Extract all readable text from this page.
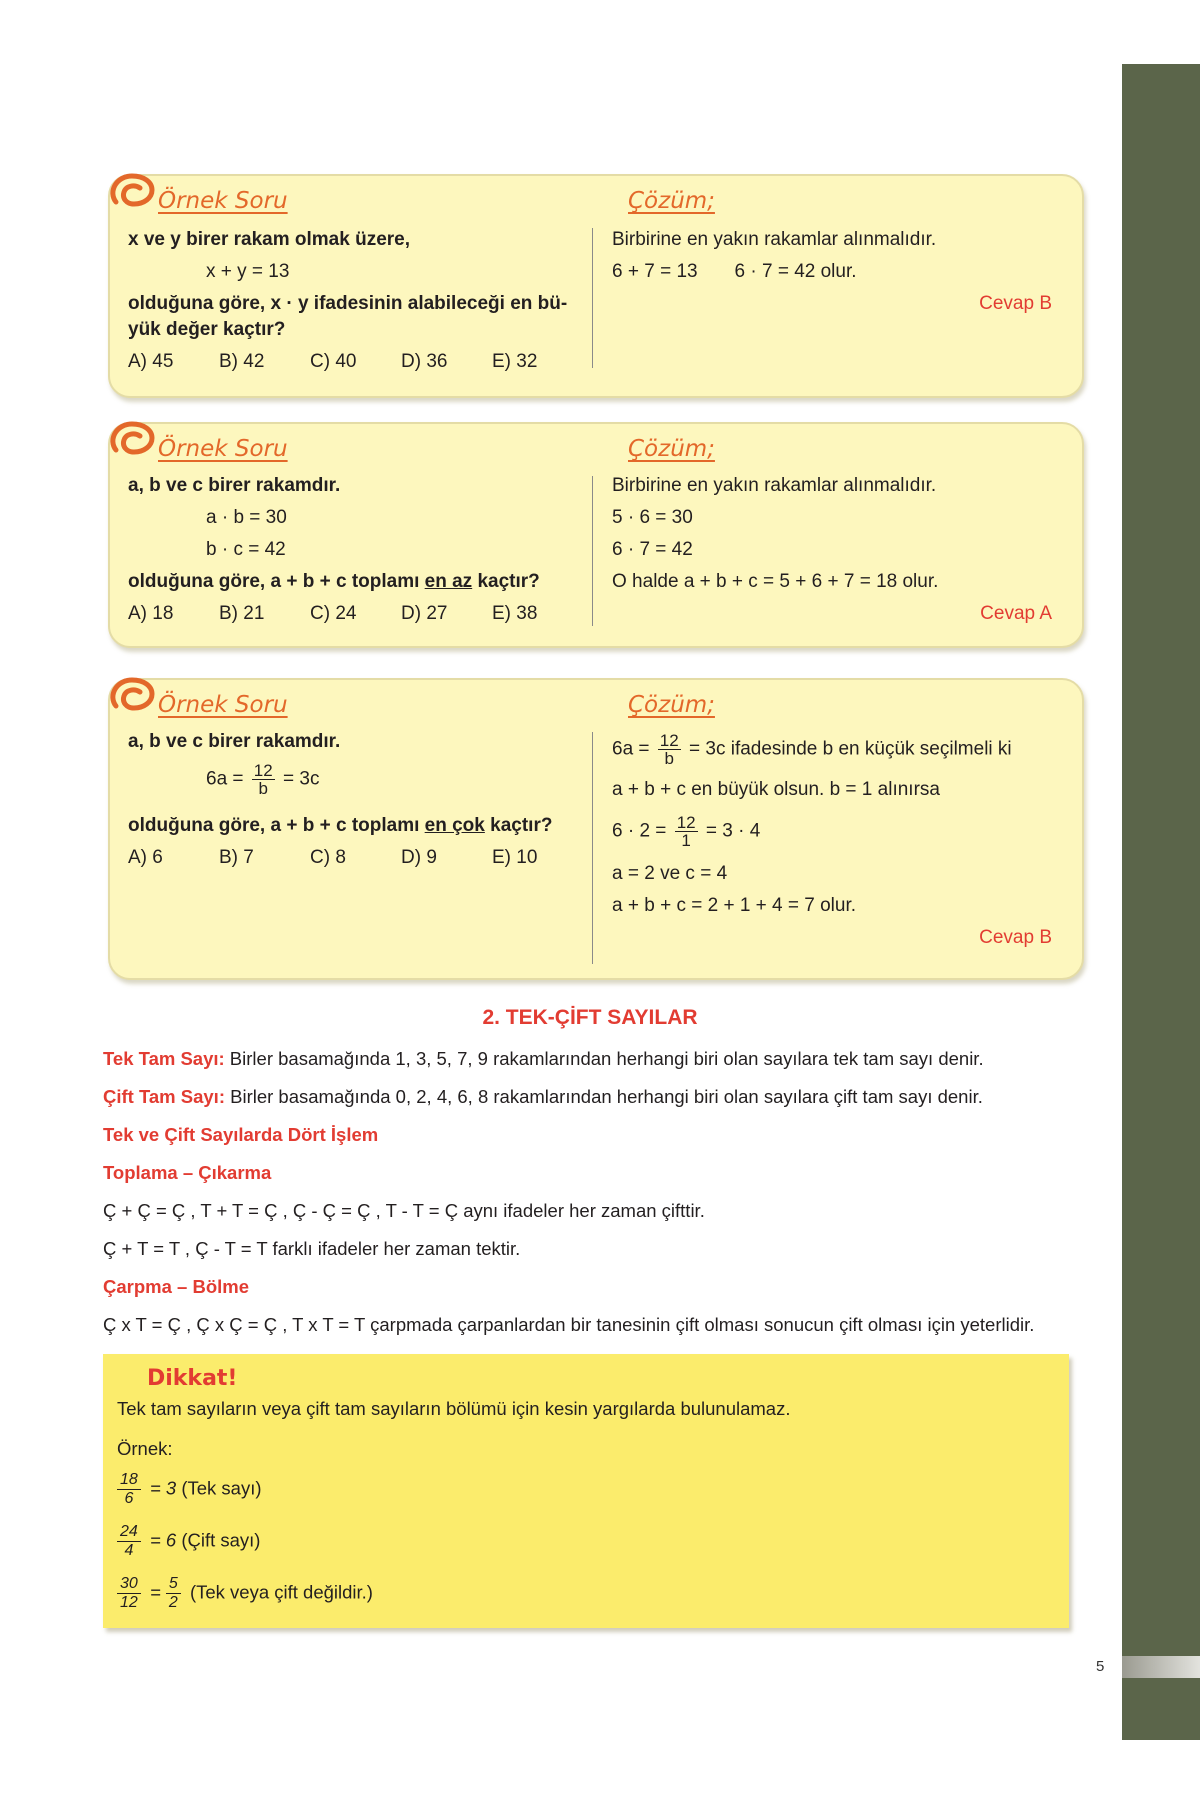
5
Örnek Soru	Çözüm;
x ve y birer rakam olmak üzere,
x + y = 13
olduğuna göre, x · y ifadesinin alabileceği en bü-
yük değer kaçtır?
A) 45 B) 42 C) 40 D) 36 E) 32
Birbirine en yakın rakamlar alınmalıdır.
6 + 7 = 13 6 · 7 = 42 olur.
Cevap B
Örnek Soru	Çözüm;
a, b ve c birer rakamdır.
a · b = 30
b · c = 42
olduğuna göre, a + b + c toplamı en az kaçtır?
A) 18 B) 21 C) 24 D) 27 E) 38
Birbirine en yakın rakamlar alınmalıdır.
5 · 6 = 30
6 · 7 = 42
O halde a + b + c = 5 + 6 + 7 = 18 olur.
Cevap A
Örnek Soru	Çözüm;
a, b ve c birer rakamdır.
$6a = \frac{12}{b} = 3c$
olduğuna göre, a + b + c toplamı en çok kaçtır?
A) 6	B) 7	C) 8	D) 9	E) 10
$6a = \frac{12}{b} = 3c$ ifadesinde b en küçük seçilmeli ki
a + b + c en büyük olsun. b = 1 alınırsa
$6 \cdot 2 = \frac{12}{1} = 3 \cdot 4$
a = 2 ve c = 4
a + b + c = 2 + 1 + 4 = 7 olur.
Cevap B
2. TEK-ÇİFT SAYILAR
Tek Tam Sayı: Birler basamağında 1, 3, 5, 7, 9 rakamlarından herhangi biri olan sayılara tek tam sayı denir.
Çift Tam Sayı: Birler basamağında 0, 2, 4, 6, 8 rakamlarından herhangi biri olan sayılara çift tam sayı denir.
Tek ve Çift Sayılarda Dört İşlem
Toplama – Çıkarma
Ç + Ç = Ç , T + T = Ç , Ç - Ç = Ç , T - T = Ç aynı ifadeler her zaman çifttir.
Ç + T = T , Ç - T = T farklı ifadeler her zaman tektir.
Çarpma – Bölme
Ç x T = Ç , Ç x Ç = Ç , T x T = T çarpmada çarpanlardan bir tanesinin çift olması sonucun çift olması için yeterlidir.
Dikkat!
Tek tam sayıların veya çift tam sayıların bölümü için kesin yargılarda bulunulamaz.
Örnek:
$\frac{18}{6} = 3$ (Tek sayı)
$\frac{24}{4} = 6$ (Çift sayı)
$\frac{30}{12} = \frac{5}{2} (Tek$ veya çift değildir.)
